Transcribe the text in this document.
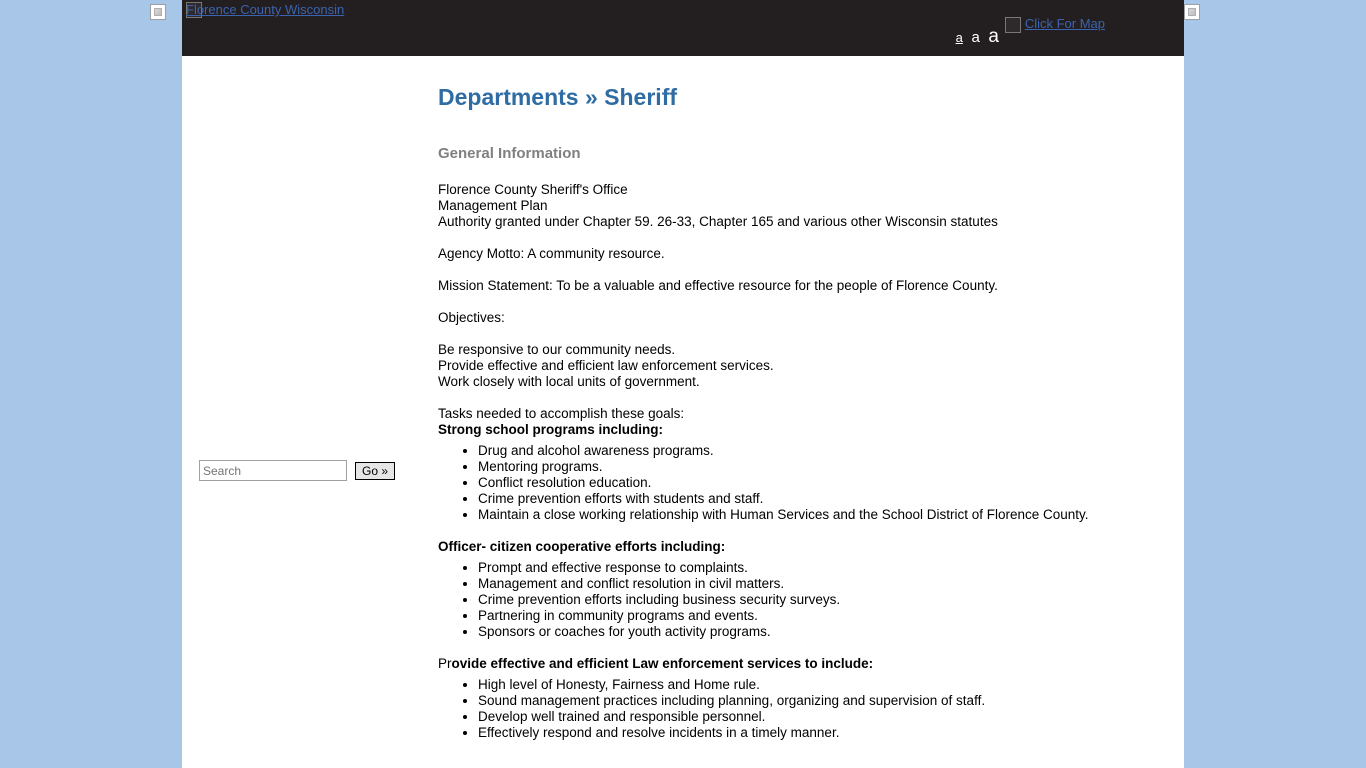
Florence County Wisconsin
a a a
Click For Map
Search
Go »
Departments » Sheriff
General Information

Florence County Sheriff's Office
Management Plan
Authority granted under Chapter 59. 26-33, Chapter 165 and various other Wisconsin statutes

Agency Motto: A community resource.

Mission Statement: To be a valuable and effective resource for the people of Florence County.

Objectives:

Be responsive to our community needs.
Provide effective and efficient law enforcement services.
Work closely with local units of government.

Tasks needed to accomplish these goals:

Strong school programs including:

• Drug and alcohol awareness programs.
• Mentoring programs.
• Conflict resolution education.
• Crime prevention efforts with students and staff.
• Maintain a close working relationship with Human Services and the School District of Florence County.

Officer- citizen cooperative efforts including:

• Prompt and effective response to complaints.
• Management and conflict resolution in civil matters.
• Crime prevention efforts including business security surveys.
• Partnering in community programs and events.
• Sponsors or coaches for youth activity programs.

Provide effective and efficient Law enforcement services to include:

• High level of Honesty, Fairness and Home rule.
• Sound management practices including planning, organizing and supervision of staff.
• Develop well trained and responsible personnel.
• Effectively respond and resolve incidents in a timely manner.
